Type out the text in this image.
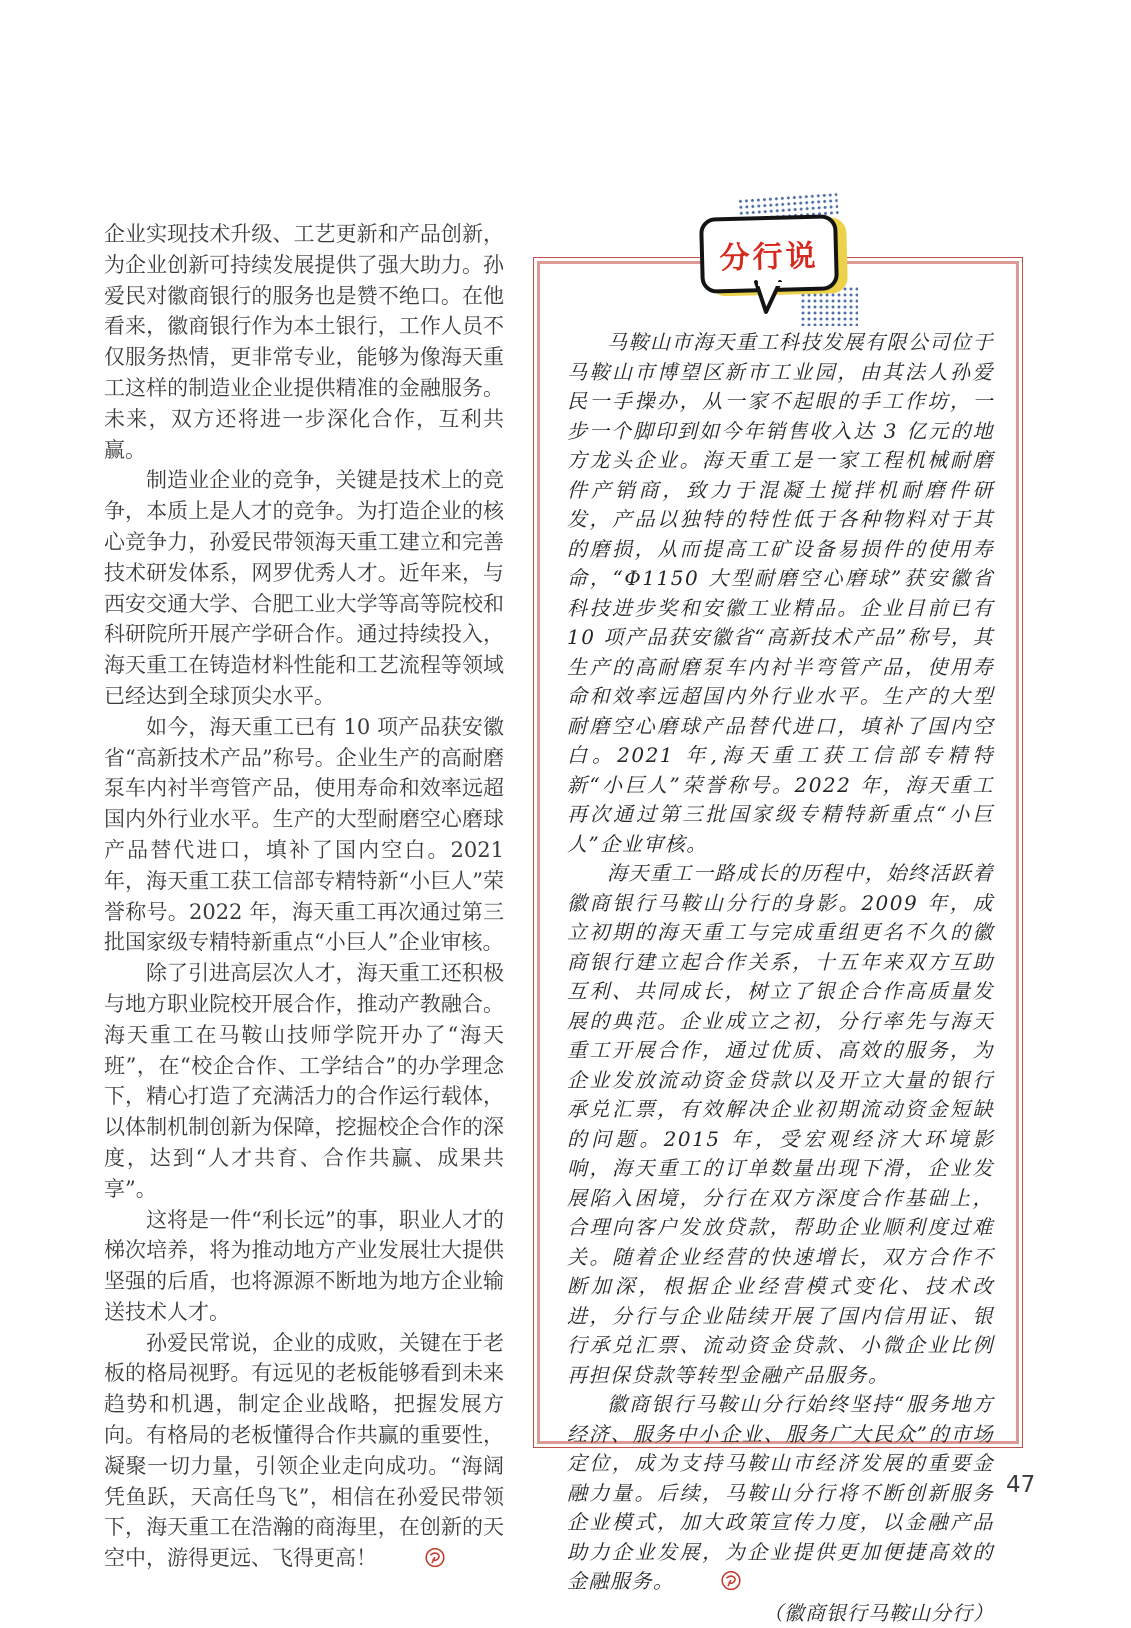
企业实现技术升级、工艺更新和产品创新，为企业创新可持续发展提供了强大助力。孙爱民对徽商银行的服务也是赞不绝口。在他看来，徽商银行作为本土银行，工作人员不仅服务热情，更非常专业，能够为像海天重工这样的制造业企业提供精准的金融服务。未来，双方还将进一步深化合作，互利共赢。

制造业企业的竞争，关键是技术上的竞争，本质上是人才的竞争。为打造企业的核心竞争力，孙爱民带领海天重工建立和完善技术研发体系，网罗优秀人才。近年来，与西安交通大学、合肥工业大学等高等院校和科研院所开展产学研合作。通过持续投入，海天重工在铸造材料性能和工艺流程等领域已经达到全球顶尖水平。

如今，海天重工已有 10 项产品获安徽省“高新技术产品”称号。企业生产的高耐磨泵车内衬半弯管产品，使用寿命和效率远超国内外行业水平。生产的大型耐磨空心磨球产品替代进口，填补了国内空白。2021 年，海天重工获工信部专精特新“小巨人”荣誉称号。2022 年，海天重工再次通过第三批国家级专精特新重点“小巨人”企业审核。

除了引进高层次人才，海天重工还积极与地方职业院校开展合作，推动产教融合。海天重工在马鞍山技师学院开办了“海天班”，在“校企合作、工学结合”的办学理念下，精心打造了充满活力的合作运行载体，以体制机制创新为保障，挖掘校企合作的深度，达到“人才共育、合作共赢、成果共享”。

这将是一件“利长远”的事，职业人才的梯次培养，将为推动地方产业发展壮大提供坚强的后盾，也将源源不断地为地方企业输送技术人才。

孙爱民常说，企业的成败，关键在于老板的格局视野。有远见的老板能够看到未来趋势和机遇，制定企业战略，把握发展方向。有格局的老板懂得合作共赢的重要性，凝聚一切力量，引领企业走向成功。“海阔凭鱼跃，天高任鸟飞”，相信在孙爱民带领下，海天重工在浩瀚的商海里，在创新的天空中，游得更远、飞得更高！

马鞍山市海天重工科技发展有限公司位于马鞍山市博望区新市工业园，由其法人孙爱民一手操办，从一家不起眼的手工作坊，一步一个脚印到如今年销售收入达 3 亿元的地方龙头企业。海天重工是一家工程机械耐磨件产销商，致力于混凝土搅拌机耐磨件研发，产品以独特的特性低于各种物料对于其的磨损，从而提高工矿设备易损件的使用寿命，“Φ1150 大型耐磨空心磨球”获安徽省科技进步奖和安徽工业精品。企业目前已有 10 项产品获安徽省“高新技术产品”称号，其生产的高耐磨泵车内衬半弯管产品，使用寿命和效率远超国内外行业水平。生产的大型耐磨空心磨球产品替代进口，填补了国内空白。2021 年,海天重工获工信部专精特新“小巨人”荣誉称号。2022 年，海天重工再次通过第三批国家级专精特新重点“小巨人”企业审核。

海天重工一路成长的历程中，始终活跃着徽商银行马鞍山分行的身影。2009 年，成立初期的海天重工与完成重组更名不久的徽商银行建立起合作关系，十五年来双方互助互利、共同成长，树立了银企合作高质量发展的典范。企业成立之初，分行率先与海天重工开展合作，通过优质、高效的服务，为企业发放流动资金贷款以及开立大量的银行承兑汇票，有效解决企业初期流动资金短缺的问题。2015 年，受宏观经济大环境影响，海天重工的订单数量出现下滑，企业发展陷入困境，分行在双方深度合作基础上，合理向客户发放贷款，帮助企业顺利度过难关。随着企业经营的快速增长，双方合作不断加深，根据企业经营模式变化、技术改进，分行与企业陆续开展了国内信用证、银行承兑汇票、流动资金贷款、小微企业比例再担保贷款等转型金融产品服务。

徽商银行马鞍山分行始终坚持“服务地方经济、服务中小企业、服务广大民众”的市场定位，成为支持马鞍山市经济发展的重要金融力量。后续，马鞍山分行将不断创新服务企业模式，加大政策宣传力度，以金融产品助力企业发展，为企业提供更加便捷高效的金融服务。

（徽商银行马鞍山分行）

分行说
47
